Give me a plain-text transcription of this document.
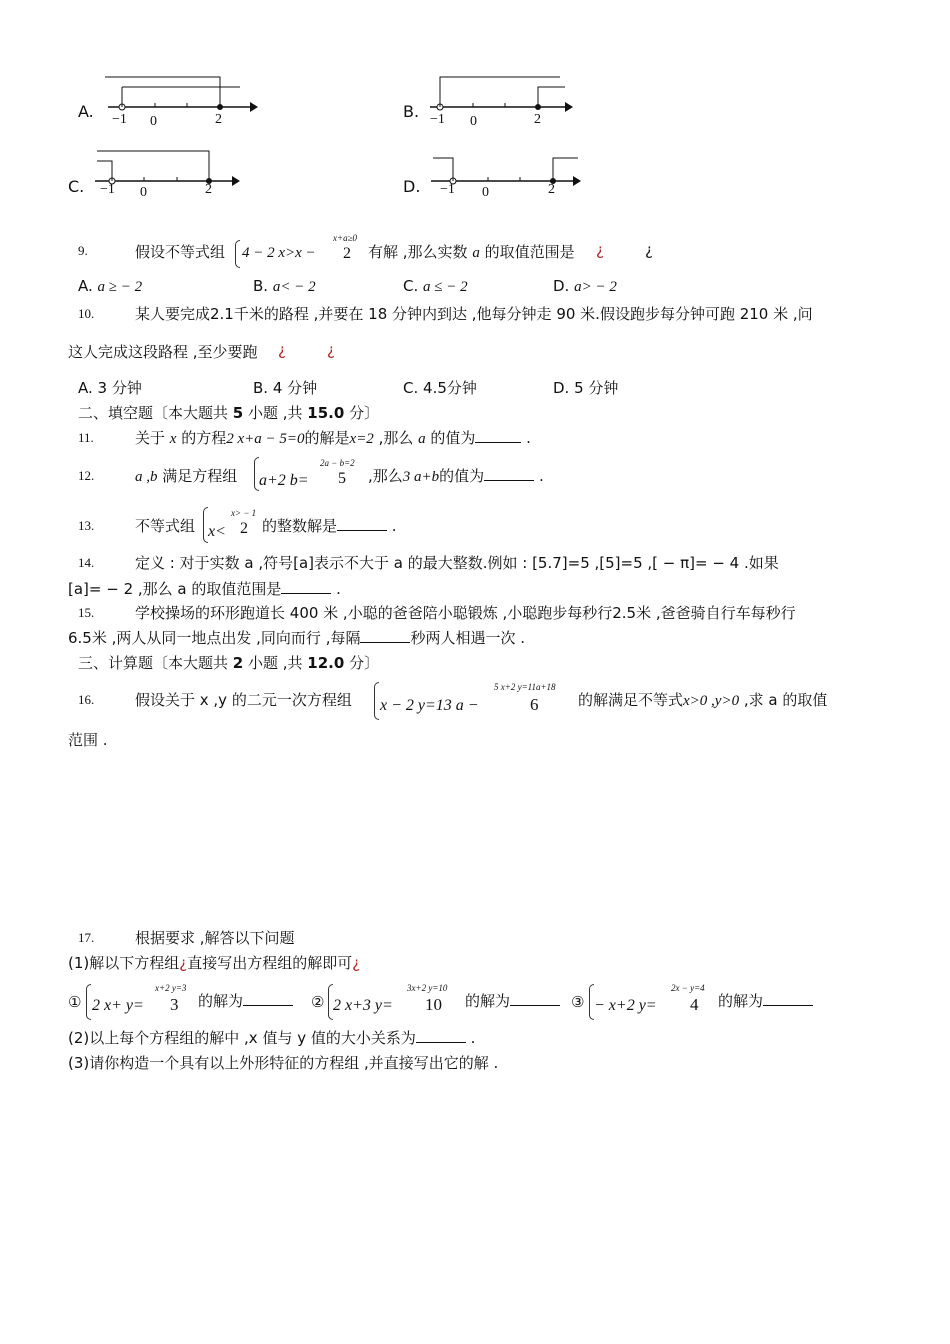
A. −1 0	2	B. −1 0	2
C. −1 0	2	D. −1 0	2
9.	假设不等式组
x+a≥0
4 − 2 x>x − 2 有解 ,那么实数 a 的取值范围是 ¿	¿
A. a ≥ − 2	B. a< − 2	C. a ≤ − 2	D. a> − 2
10.	某人要完成2.1千米的路程 ,并要在 18 分钟内到达 ,他每分钟走 90 米.假设跑步每分钟可跑 210 米 ,问
这人完成这段路程 ,至少要跑 ¿	¿
A. 3 分钟	B. 4 分钟	C. 4.5分钟	D. 5 分钟
二、填空题〔本大题共 5 小题 ,共 15.0 分〕
11.	关于 x 的方程2 x+a − 5=0的解是x=2 ,那么 a 的值为	.
12.	a ,b 满足方程组
2a − b=2
a+2 b= 5 ,那么3 a+b的值为	.
13.	不等式组
x> − 1
x< 2 的整数解是	.
14.	定义 : 对于实数 a ,符号[a]表示不大于 a 的最大整数.例如 : [5.7]=5 ,[5]=5 ,[ − π]= − 4 .如果
[a]= − 2 ,那么 a 的取值范围是	.
15.	学校操场的环形跑道长 400 米 ,小聪的爸爸陪小聪锻炼 ,小聪跑步每秒行2.5米 ,爸爸骑自行车每秒行
6.5米 ,两人从同一地点出发 ,同向而行 ,每隔	秒两人相遇一次 .
三、计算题〔本大题共 2 小题 ,共 12.0 分〕
16.	假设关于 x ,y 的二元一次方程组
5 x+2 y=11a+18
x − 2 y=13 a −	6	的解满足不等式x>0 ,y>0 ,求 a 的取值
范围 .
17.	根据要求 ,解答以下问题
(1)解以下方程组¿直接写出方程组的解即可¿
①
x+2 y=3
2 x+ y= 3 的解为	②
3x+2 y=10
2 x+3 y= 10 的解为	③
2x − y=4
− x+2 y= 4 的解为
(2)以上每个方程组的解中 ,x 值与 y 值的大小关系为	.
(3)请你构造一个具有以上外形特征的方程组 ,并直接写出它的解 .
